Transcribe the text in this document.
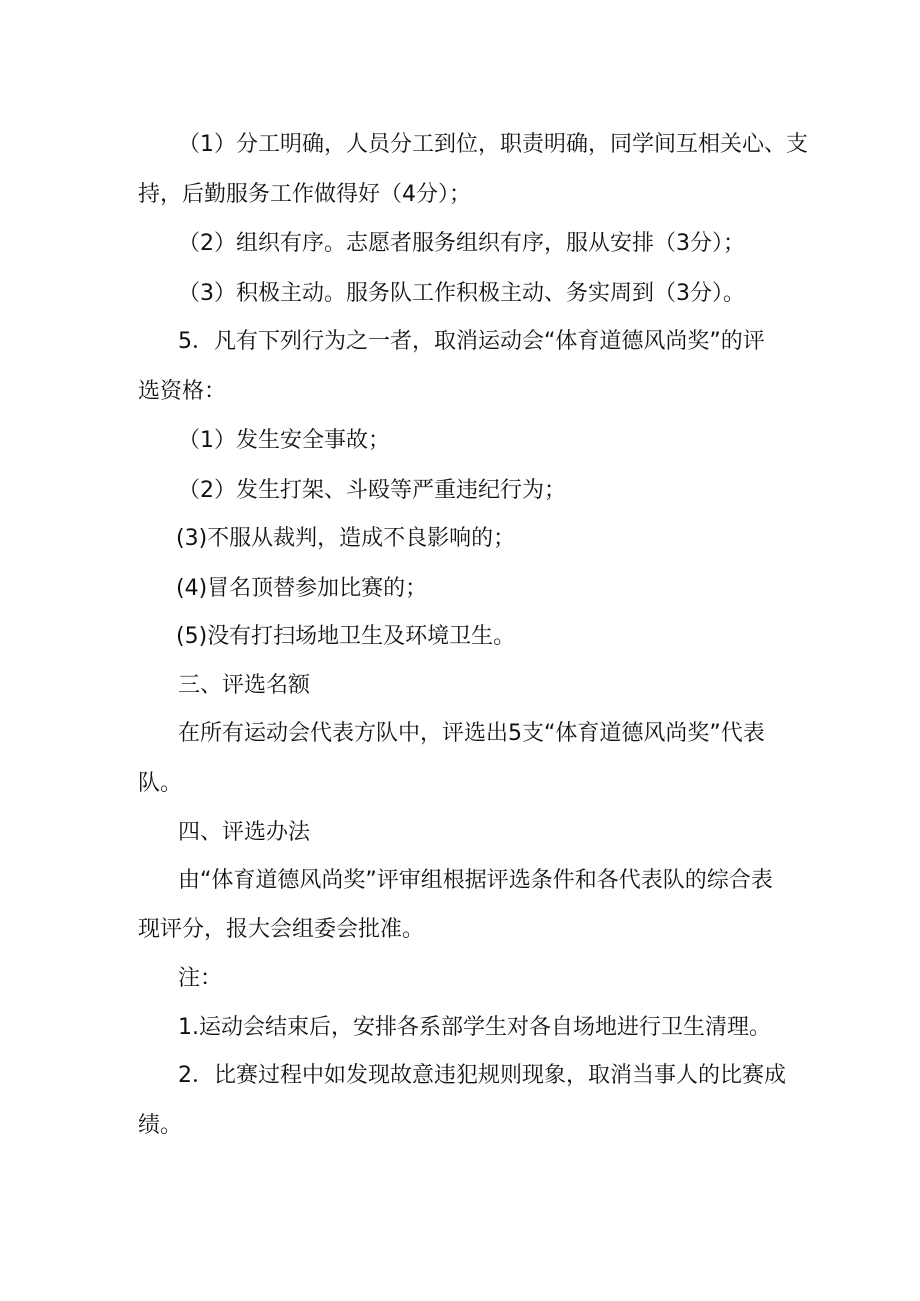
（1）分工明确，人员分工到位，职责明确，同学间互相关心、支
持，后勤服务工作做得好（4分）；
（2）组织有序。志愿者服务组织有序，服从安排（3分）；
（3）积极主动。服务队工作积极主动、务实周到（3分）。
5．凡有下列行为之一者，取消运动会“体育道德风尚奖”的评
选资格：
（1）发生安全事故；
（2）发生打架、斗殴等严重违纪行为；
(3)不服从裁判，造成不良影响的；
(4)冒名顶替参加比赛的；
(5)没有打扫场地卫生及环境卫生。
三、评选名额
在所有运动会代表方队中，评选出5支“体育道德风尚奖”代表
队。
四、评选办法
由“体育道德风尚奖”评审组根据评选条件和各代表队的综合表
现评分，报大会组委会批准。
注：
1.运动会结束后，安排各系部学生对各自场地进行卫生清理。
2．比赛过程中如发现故意违犯规则现象，取消当事人的比赛成
绩。
